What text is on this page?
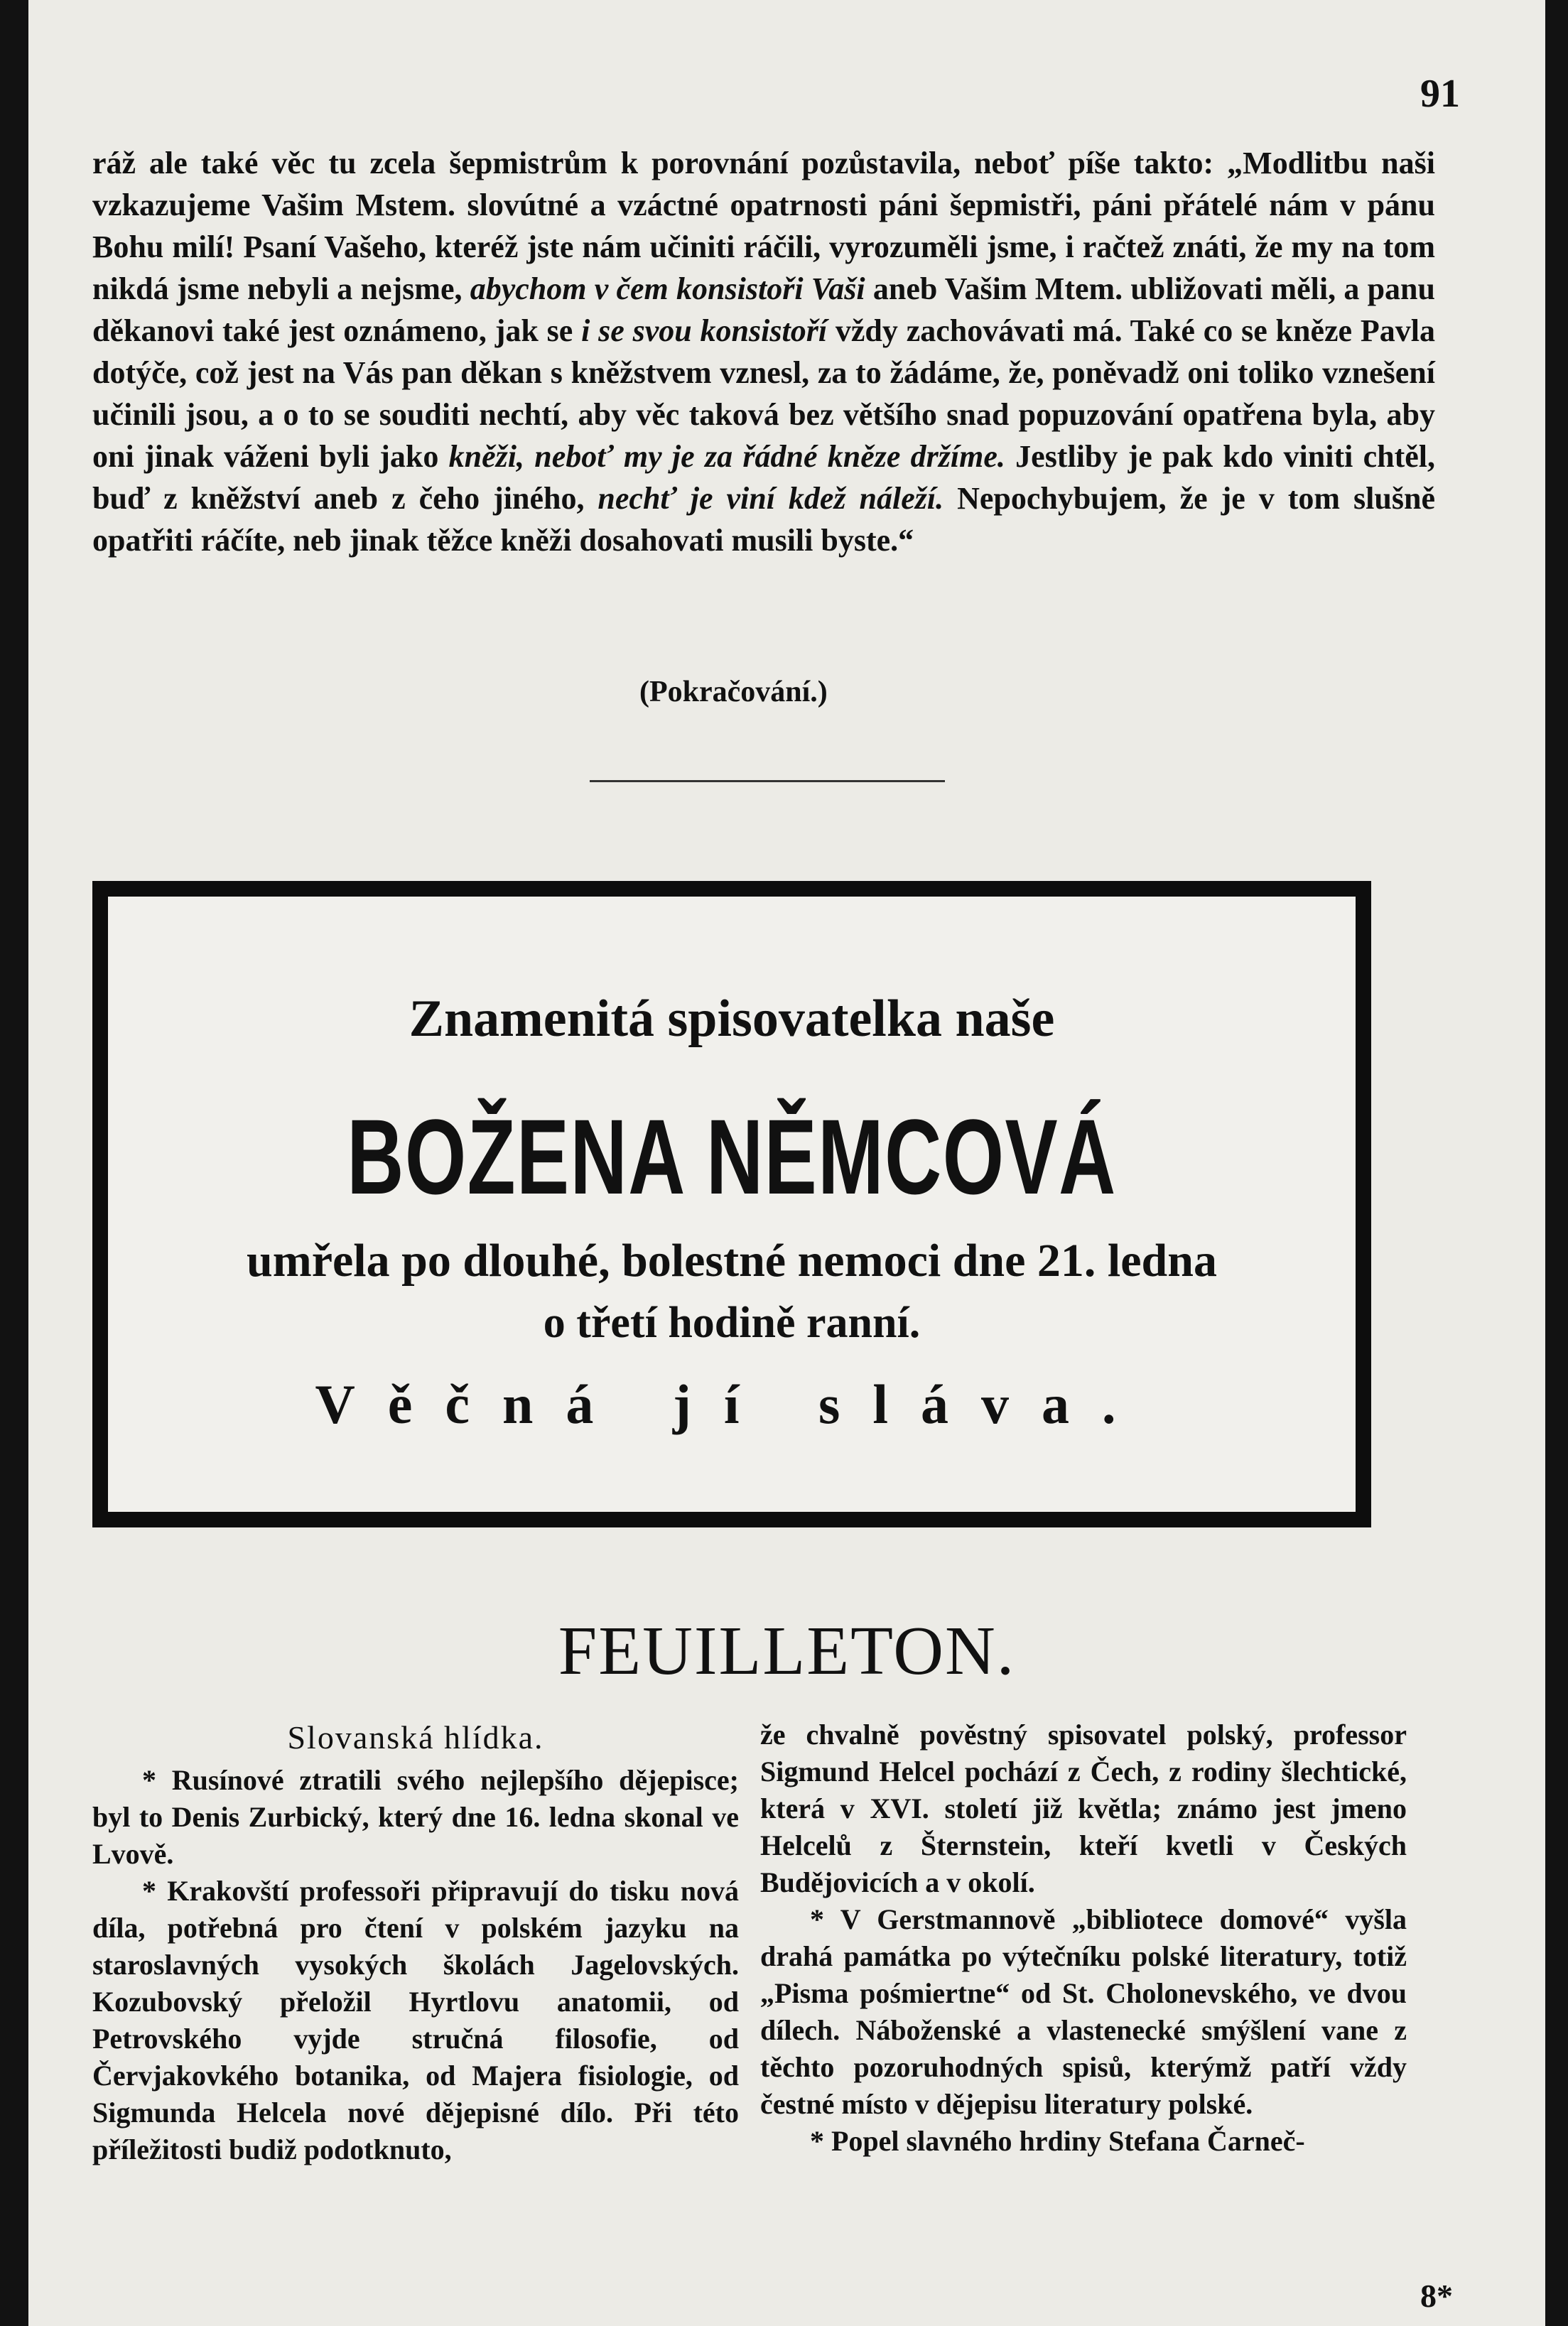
91

ráž ale také věc tu zcela šepmistrům k porovnání pozůstavila, neboť píše takto: „Modlitbu naši vzkazujeme Vašim Mstem. slovútné a vzáctné opatrnosti páni šepmistři, páni přátelé nám v pánu Bohu milí! Psaní Vašeho, kteréž jste nám učiniti ráčili, vyrozuměli jsme, i račtež znáti, že my na tom nikdá jsme nebyli a nejsme, abychom v čem konsistoři Vaši aneb Vašim Mtem. ubližovati měli, a panu děkanovi také jest oznámeno, jak se i se svou konsistoří vždy zachovávati má. Také co se kněze Pavla dotýče, což jest na Vás pan děkan s kněžstvem vznesl, za to žádáme, že, poněvadž oni toliko vznešení učinili jsou, a o to se souditi nechtí, aby věc taková bez většího snad popuzování opatřena byla, aby oni jinak váženi byli jako kněži, neboť my je za řádné kněze držíme. Jestliby je pak kdo viniti chtěl, buď z kněžství aneb z čeho jiného, nechť je viní kdež náleží. Nepochybujem, že je v tom slušně opatřiti ráčíte, neb jinak těžce kněži dosahovati musili byste.“

(Pokračování.)
Znamenitá spisovatelka naše
BOŽENA NĚMCOVÁ
umřela po dlouhé, bolestné nemoci dne 21. ledna
o třetí hodině ranní.
Věčná jí sláva.
FEUILLETON.
Slovanská hlídka.

* Rusínové ztratili svého nejlepšího dějepisce; byl to Denis Zurbický, který dne 16. ledna skonal ve Lvově.

* Krakovští professoři připravují do tisku nová díla, potřebná pro čtení v polském jazyku na staroslavných vysokých školách Jagelovských. Kozubovský přeložil Hyrtlovu anatomii, od Petrovského vyjde stručná filosofie, od Červjakovkého botanika, od Majera fisiologie, od Sigmunda Helcela nové dějepisné dílo. Při této příležitosti budiž podotknuto,

že chvalně pověstný spisovatel polský, professor Sigmund Helcel pochází z Čech, z rodiny šlechtické, která v XVI. století již květla; známo jest jmeno Helcelů z Šternstein, kteří kvetli v Českých Budějovicích a v okolí.

* V Gerstmannově „bibliotece domové“ vyšla drahá památka po výtečníku polské literatury, totiž „Pisma pośmiertne“ od St. Cholonevského, ve dvou dílech. Náboženské a vlastenecké smýšlení vane z těchto pozoruhodných spisů, kterýmž patří vždy čestné místo v dějepisu literatury polské.

* Popel slavného hrdiny Stefana Čarneč-

8*
